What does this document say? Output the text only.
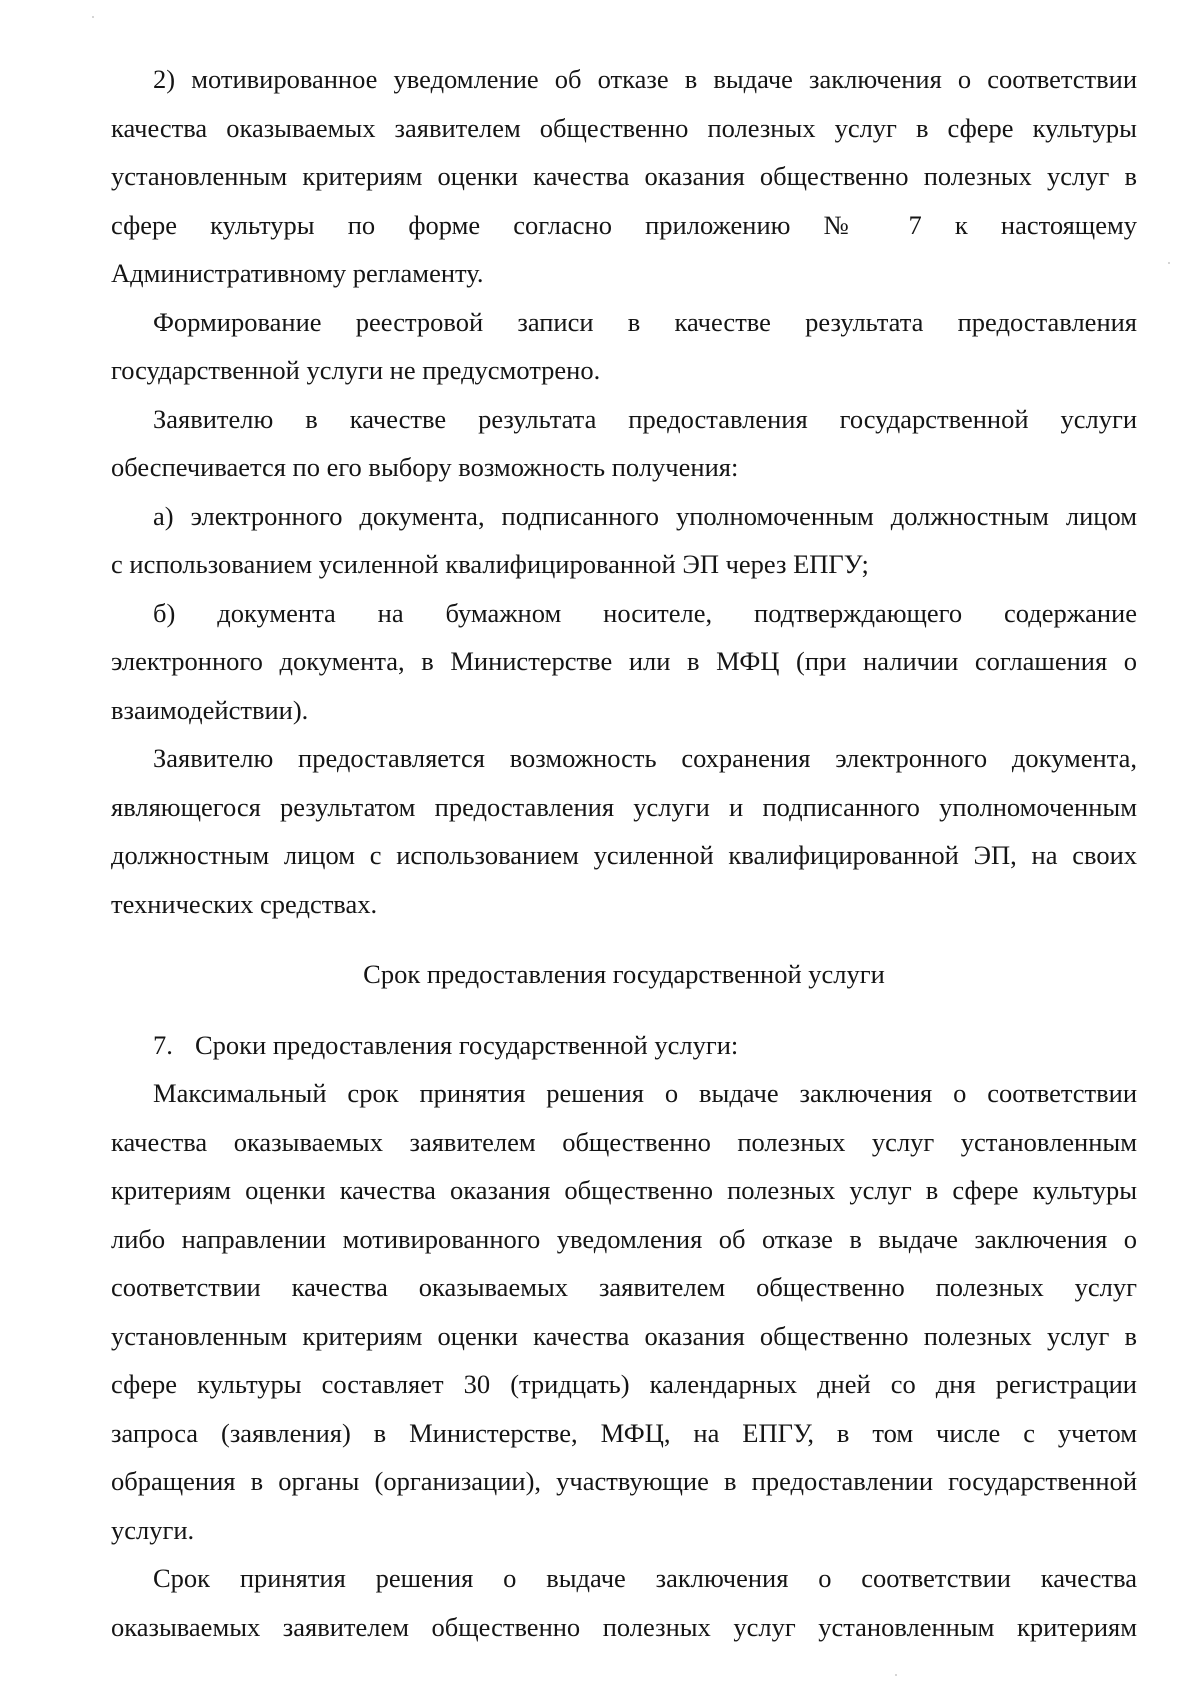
2) мотивированное уведомление об отказе в выдаче заключения о соответствии
качества оказываемых заявителем общественно полезных услуг в сфере культуры
установленным критериям оценки качества оказания общественно полезных услуг в
сфере культуры по форме согласно приложению № 7 к настоящему
Административному регламенту.

Формирование реестровой записи в качестве результата предоставления
государственной услуги не предусмотрено.

Заявителю в качестве результата предоставления государственной услуги
обеспечивается по его выбору возможность получения:

а) электронного документа, подписанного уполномоченным должностным лицом
с использованием усиленной квалифицированной ЭП через ЕПГУ;

б) документа на бумажном носителе, подтверждающего содержание
электронного документа, в Министерстве или в МФЦ (при наличии соглашения о
взаимодействии).

Заявителю предоставляется возможность сохранения электронного документа,
являющегося результатом предоставления услуги и подписанного уполномоченным
должностным лицом с использованием усиленной квалифицированной ЭП, на своих
технических средствах.

Срок предоставления государственной услуги

7. Сроки предоставления государственной услуги:

Максимальный срок принятия решения о выдаче заключения о соответствии
качества оказываемых заявителем общественно полезных услуг установленным
критериям оценки качества оказания общественно полезных услуг в сфере культуры
либо направлении мотивированного уведомления об отказе в выдаче заключения о
соответствии качества оказываемых заявителем общественно полезных услуг
установленным критериям оценки качества оказания общественно полезных услуг в
сфере культуры составляет 30 (тридцать) календарных дней со дня регистрации
запроса (заявления) в Министерстве, МФЦ, на ЕПГУ, в том числе с учетом
обращения в органы (организации), участвующие в предоставлении государственной
услуги.

Срок принятия решения о выдаче заключения о соответствии качества
оказываемых заявителем общественно полезных услуг установленным критериям
